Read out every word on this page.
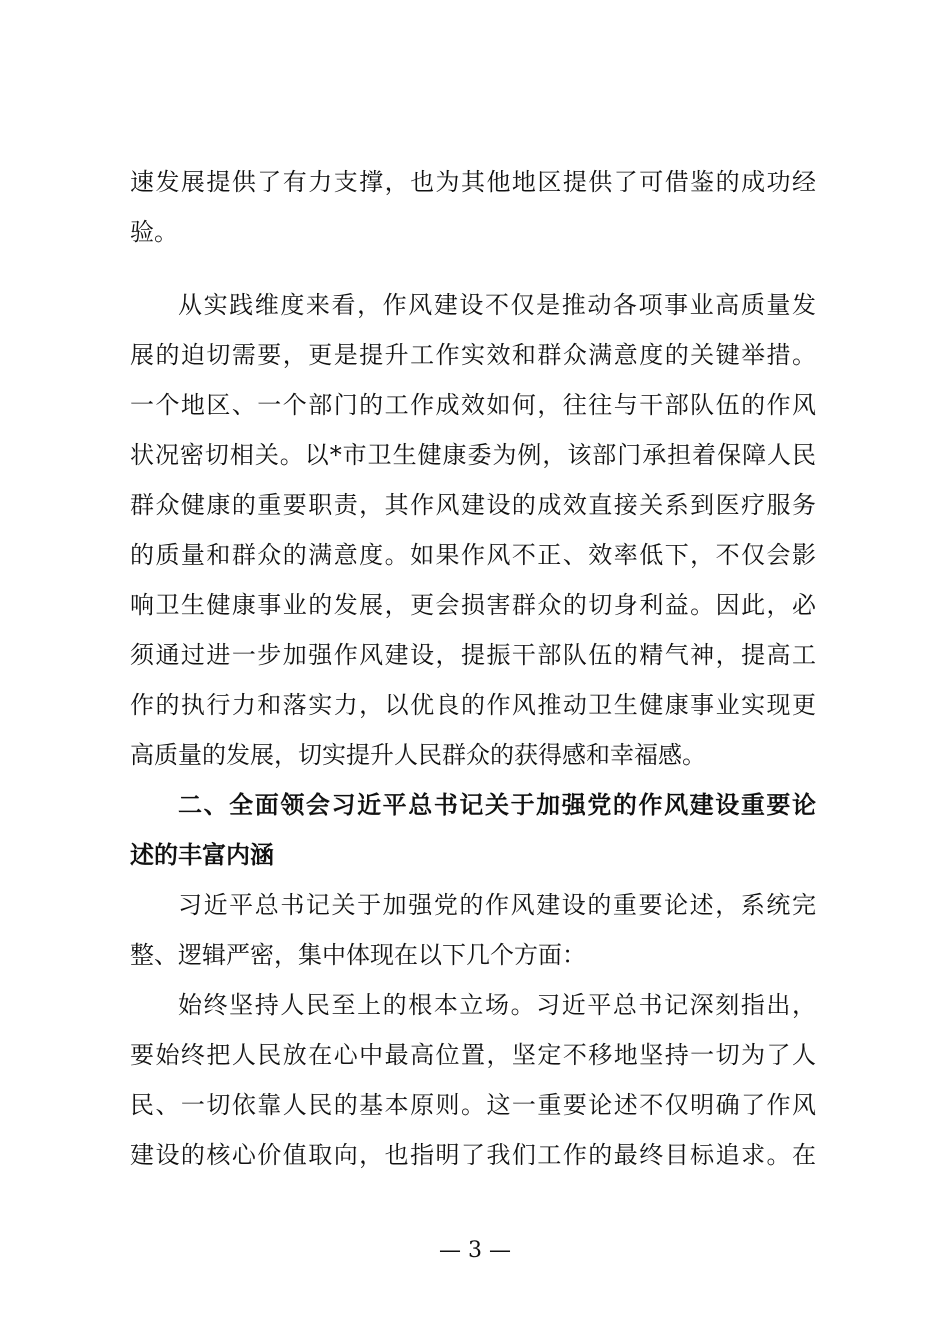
速发展提供了有力支撑，也为其他地区提供了可借鉴的成功经
验。
从实践维度来看，作风建设不仅是推动各项事业高质量发
展的迫切需要，更是提升工作实效和群众满意度的关键举措。
一个地区、一个部门的工作成效如何，往往与干部队伍的作风
状况密切相关。以*市卫生健康委为例，该部门承担着保障人民
群众健康的重要职责，其作风建设的成效直接关系到医疗服务
的质量和群众的满意度。如果作风不正、效率低下，不仅会影
响卫生健康事业的发展，更会损害群众的切身利益。因此，必
须通过进一步加强作风建设，提振干部队伍的精气神，提高工
作的执行力和落实力，以优良的作风推动卫生健康事业实现更
高质量的发展，切实提升人民群众的获得感和幸福感。
二、全面领会习近平总书记关于加强党的作风建设重要论
述的丰富内涵
习近平总书记关于加强党的作风建设的重要论述，系统完
整、逻辑严密，集中体现在以下几个方面：
始终坚持人民至上的根本立场。习近平总书记深刻指出，
要始终把人民放在心中最高位置，坚定不移地坚持一切为了人
民、一切依靠人民的基本原则。这一重要论述不仅明确了作风
建设的核心价值取向，也指明了我们工作的最终目标追求。在
— 3 —
